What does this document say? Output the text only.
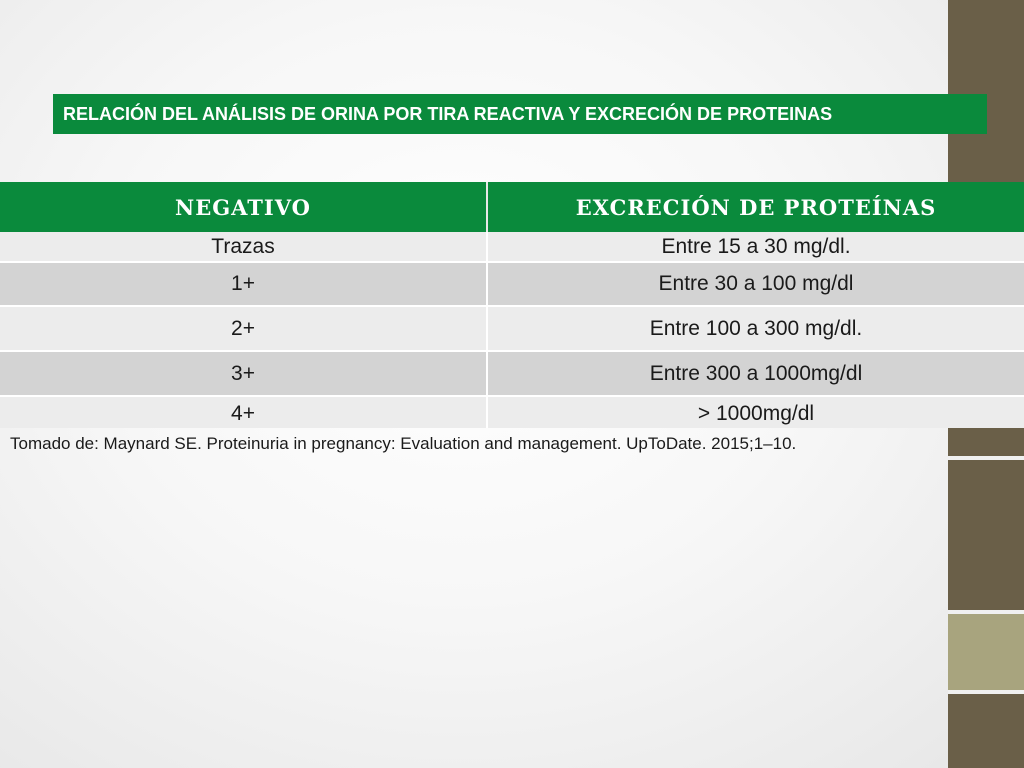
RELACIÓN DEL ANÁLISIS DE ORINA POR TIRA REACTIVA Y EXCRECIÓN DE PROTEINAS
NEGATIVO	EXCRECIÓN DE PROTEÍNAS
Trazas	Entre 15 a 30 mg/dl.
1+	Entre 30 a 100 mg/dl
2+	Entre 100 a 300 mg/dl.
3+	Entre 300 a 1000mg/dl
4+	> 1000mg/dl
Tomado de: Maynard SE. Proteinuria in pregnancy: Evaluation and management. UpToDate. 2015;1–10.
